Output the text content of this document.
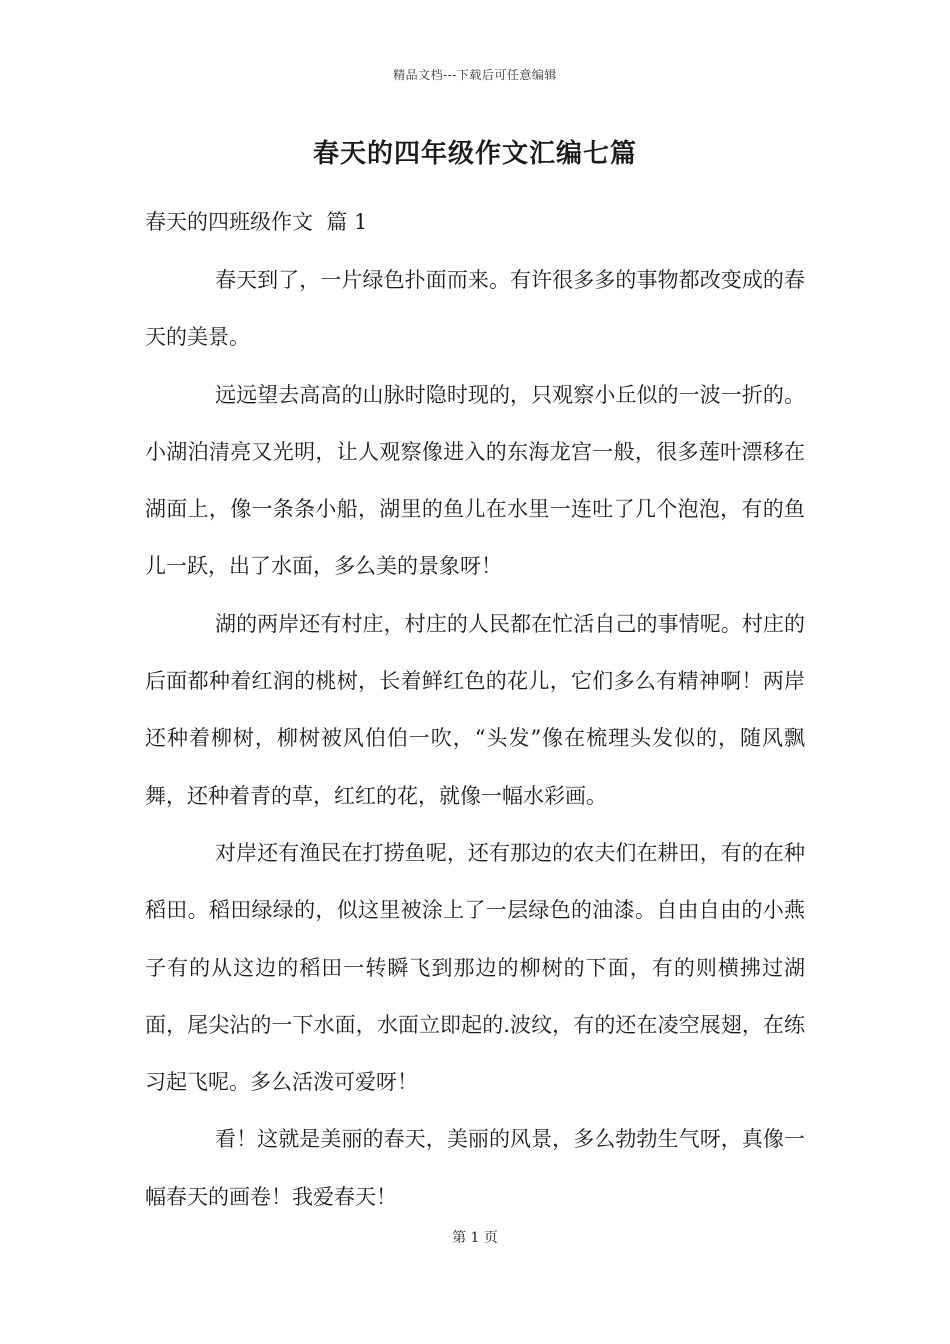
精品文档---下载后可任意编辑
春天的四年级作文汇编七篇
春天的四班级作文  篇 1

春天到了，一片绿色扑面而来。有许很多多的事物都改变成的春天的美景。

远远望去高高的山脉时隐时现的，只观察小丘似的一波一折的。小湖泊清亮又光明，让人观察像进入的东海龙宫一般，很多莲叶漂移在湖面上，像一条条小船，湖里的鱼儿在水里一连吐了几个泡泡，有的鱼儿一跃，出了水面，多么美的景象呀！

湖的两岸还有村庄，村庄的人民都在忙活自己的事情呢。村庄的后面都种着红润的桃树，长着鲜红色的花儿，它们多么有精神啊！两岸还种着柳树，柳树被风伯伯一吹，“头发”像在梳理头发似的，随风飘舞，还种着青的草，红红的花，就像一幅水彩画。

对岸还有渔民在打捞鱼呢，还有那边的农夫们在耕田，有的在种稻田。稻田绿绿的，似这里被涂上了一层绿色的油漆。自由自由的小燕子有的从这边的稻田一转瞬飞到那边的柳树的下面，有的则横拂过湖面，尾尖沾的一下水面，水面立即起的.波纹，有的还在凌空展翅，在练习起飞呢。多么活泼可爱呀！

看！这就是美丽的春天，美丽的风景，多么勃勃生气呀，真像一幅春天的画卷！我爱春天！

第 1 页
